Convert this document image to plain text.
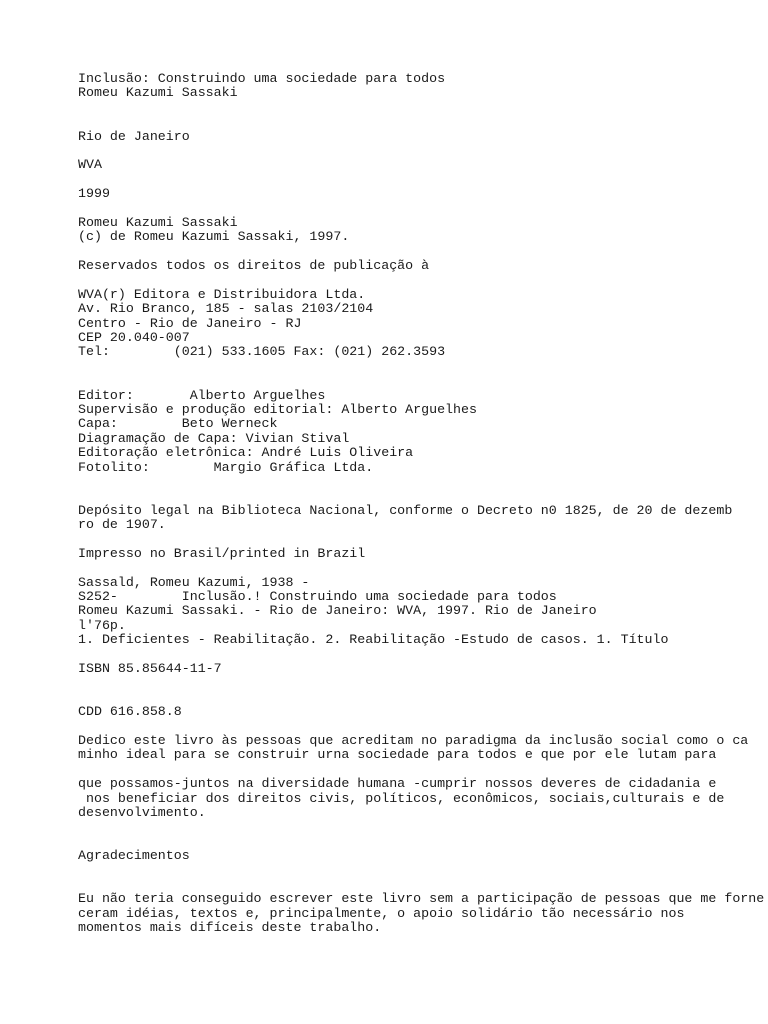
Inclusão: Construindo uma sociedade para todos
Romeu Kazumi Sassaki
Rio de Janeiro
WVA
1999
Romeu Kazumi Sassaki
(c) de Romeu Kazumi Sassaki, 1997.
Reservados todos os direitos de publicação à
WVA(r) Editora e Distribuidora Ltda.
Av. Rio Branco, 185 - salas 2103/2104
Centro - Rio de Janeiro - RJ
CEP 20.040-007
Tel:        (021) 533.1605 Fax: (021) 262.3593
Editor:       Alberto Arguelhes
Supervisão e produção editorial: Alberto Arguelhes
Capa:        Beto Werneck
Diagramação de Capa: Vivian Stival
Editoração eletrônica: André Luis Oliveira
Fotolito:        Margio Gráfica Ltda.
Depósito legal na Biblioteca Nacional, conforme o Decreto n0 1825, de 20 de dezemb
ro de 1907.
Impresso no Brasil/printed in Brazil
Sassald, Romeu Kazumi, 1938 -
S252-        Inclusão.! Construindo uma sociedade para todos
Romeu Kazumi Sassaki. - Rio de Janeiro: WVA, 1997. Rio de Janeiro
l'76p.
1. Deficientes - Reabilitação. 2. Reabilitação -Estudo de casos. 1. Título
ISBN 85.85644-11-7
CDD 616.858.8
Dedico este livro às pessoas que acreditam no paradigma da inclusão social como o ca
minho ideal para se construir urna sociedade para todos e que por ele lutam para
que possamos-juntos na diversidade humana -cumprir nossos deveres de cidadania e
nos beneficiar dos direitos civis, políticos, econômicos, sociais,culturais e de
desenvolvimento.
Agradecimentos
Eu não teria conseguido escrever este livro sem a participação de pessoas que me forne
ceram idéias, textos e, principalmente, o apoio solidário tão necessário nos
momentos mais difíceis deste trabalho.
